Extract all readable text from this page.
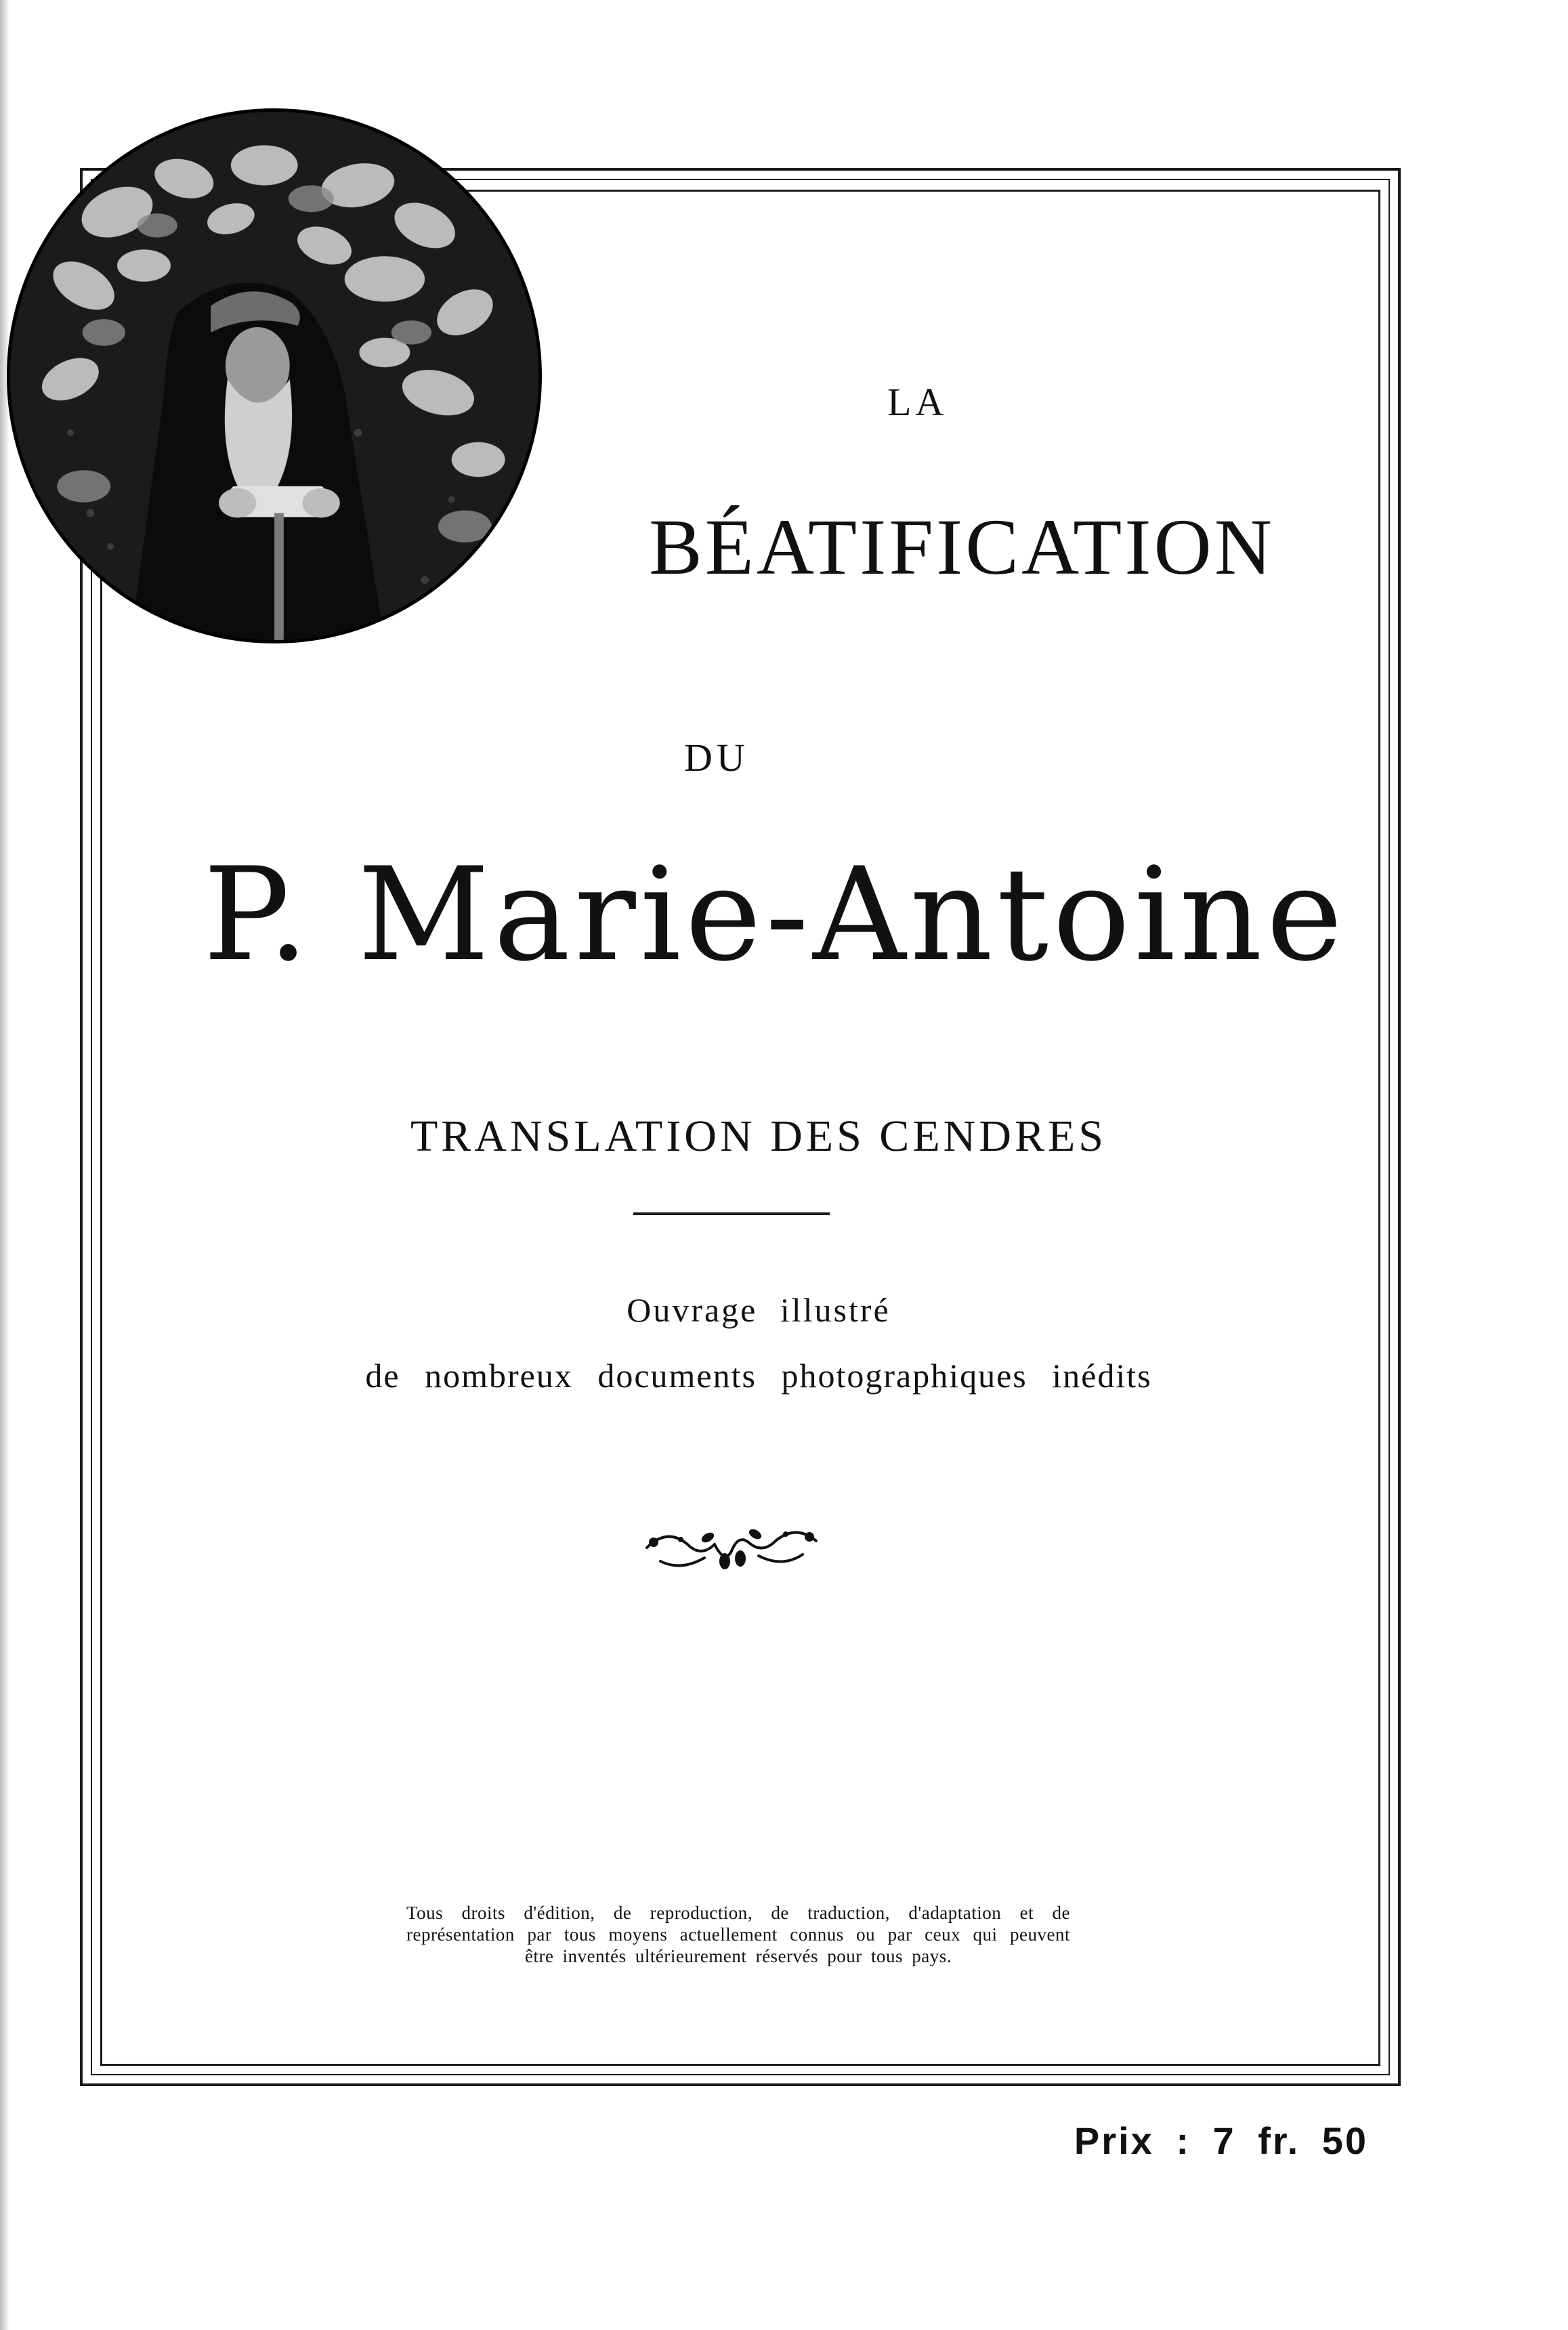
LA
BÉATIFICATION
DU
P. Marie-Antoine
TRANSLATION DES CENDRES
Ouvrage illustré
de nombreux documents photographiques inédits
Tous droits d'édition, de reproduction, de traduction, d'adaptation et de représentation par tous moyens actuellement connus ou par ceux qui peuvent être inventés ultérieurement réservés pour tous pays.
Prix : 7 fr. 50
